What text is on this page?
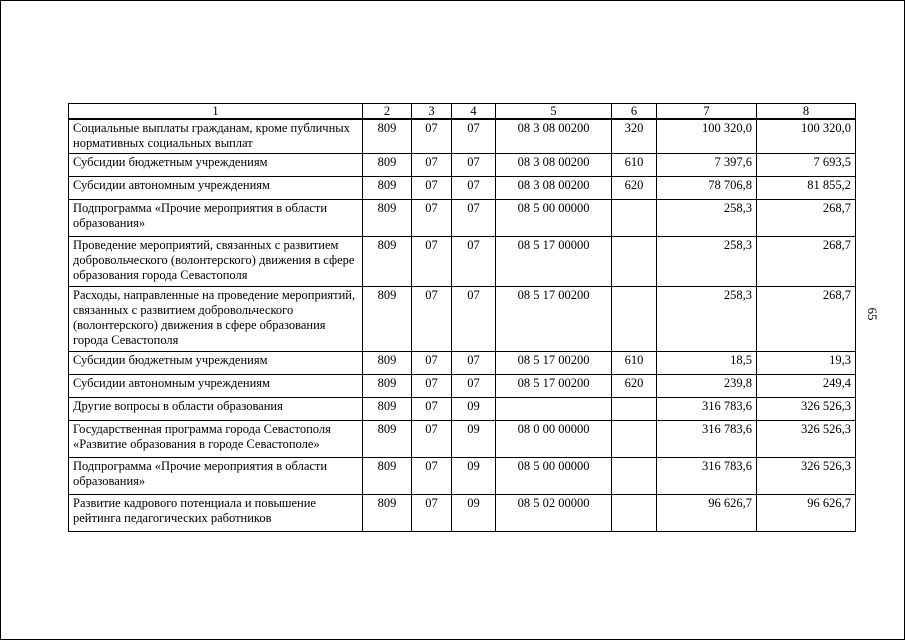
1	2	3	4	5	6	7	8
Социальные выплаты гражданам, кроме публичных нормативных социальных выплат	809	07	07	08 3 08 00200	320	100 320,0	100 320,0
Субсидии бюджетным учреждениям	809	07	07	08 3 08 00200	610	7 397,6	7 693,5
Субсидии автономным учреждениям	809	07	07	08 3 08 00200	620	78 706,8	81 855,2
Подпрограмма «Прочие мероприятия в области образования»	809	07	07	08 5 00 00000		258,3	268,7
Проведение мероприятий, связанных с развитием добровольческого (волонтерского) движения в сфере образования города Севастополя	809	07	07	08 5 17 00000		258,3	268,7
Расходы, направленные на проведение мероприятий, связанных с развитием добровольческого (волонтерского) движения в сфере образования города Севастополя	809	07	07	08 5 17 00200		258,3	268,7
Субсидии бюджетным учреждениям	809	07	07	08 5 17 00200	610	18,5	19,3
Субсидии автономным учреждениям	809	07	07	08 5 17 00200	620	239,8	249,4
Другие вопросы в области образования	809	07	09			316 783,6	326 526,3
Государственная программа города Севастополя «Развитие образования в городе Севастополе»	809	07	09	08 0 00 00000		316 783,6	326 526,3
Подпрограмма «Прочие мероприятия в области образования»	809	07	09	08 5 00 00000		316 783,6	326 526,3
Развитие кадрового потенциала и повышение рейтинга педагогических работников	809	07	09	08 5 02 00000		96 626,7	96 626,7
65
